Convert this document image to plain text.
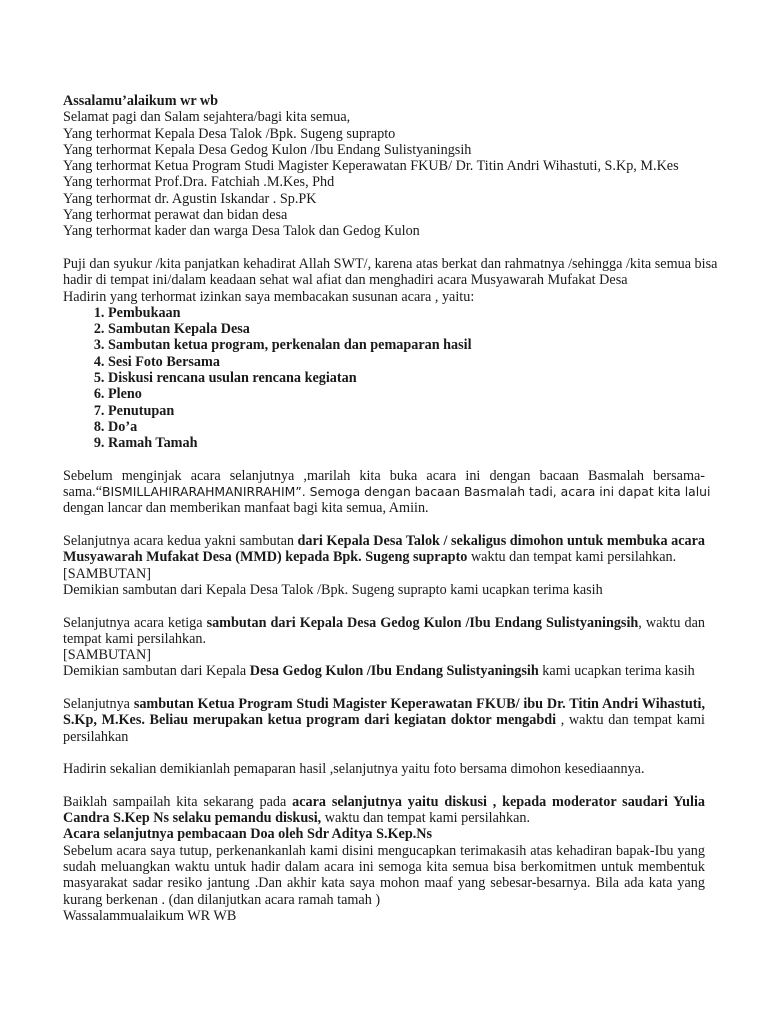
Assalamu’alaikum wr wb
Selamat pagi dan Salam sejahtera/bagi kita semua,
Yang terhormat Kepala Desa Talok /Bpk. Sugeng suprapto
Yang terhormat Kepala Desa Gedog Kulon /Ibu Endang Sulistyaningsih
Yang terhormat Ketua Program Studi Magister Keperawatan FKUB/ Dr. Titin Andri Wihastuti, S.Kp, M.Kes
Yang terhormat Prof.Dra. Fatchiah .M.Kes, Phd
Yang terhormat dr. Agustin Iskandar . Sp.PK
Yang terhormat perawat dan bidan desa
Yang terhormat kader dan warga Desa Talok dan Gedog Kulon
Puji dan syukur /kita panjatkan kehadirat Allah SWT/, karena atas berkat dan rahmatnya /sehingga /kita semua bisa
hadir di tempat ini/dalam keadaan sehat wal afiat dan menghadiri acara Musyawarah Mufakat Desa
Hadirin yang terhormat izinkan saya membacakan susunan acara , yaitu:
1. Pembukaan
2. Sambutan Kepala Desa
3. Sambutan ketua program, perkenalan dan pemaparan hasil
4. Sesi Foto Bersama
5. Diskusi rencana usulan rencana kegiatan
6. Pleno
7. Penutupan
8. Do’a
9. Ramah Tamah
Sebelum menginjak acara selanjutnya ,marilah kita buka acara ini dengan bacaan Basmalah bersama-
sama.“BISMILLAHIRARAHMANIRRAHIM”. Semoga dengan bacaan Basmalah tadi, acara ini dapat kita lalui
dengan lancar dan memberikan manfaat bagi kita semua, Amiin.
Selanjutnya acara kedua yakni sambutan dari Kepala Desa Talok / sekaligus dimohon untuk membuka acara
Musyawarah Mufakat Desa (MMD) kepada Bpk. Sugeng suprapto waktu dan tempat kami persilahkan.
[SAMBUTAN]
Demikian sambutan dari Kepala Desa Talok /Bpk. Sugeng suprapto kami ucapkan terima kasih
Selanjutnya acara ketiga sambutan dari Kepala Desa Gedog Kulon /Ibu Endang Sulistyaningsih, waktu dan
tempat kami persilahkan.
[SAMBUTAN]
Demikian sambutan dari Kepala Desa Gedog Kulon /Ibu Endang Sulistyaningsih kami ucapkan terima kasih
Selanjutnya sambutan Ketua Program Studi Magister Keperawatan FKUB/ ibu Dr. Titin Andri Wihastuti,
S.Kp, M.Kes. Beliau merupakan ketua program dari kegiatan doktor mengabdi , waktu dan tempat kami
persilahkan
Hadirin sekalian demikianlah pemaparan hasil ,selanjutnya yaitu foto bersama dimohon kesediaannya.
Baiklah sampailah kita sekarang pada acara selanjutnya yaitu diskusi , kepada moderator saudari Yulia
Candra S.Kep Ns selaku pemandu diskusi, waktu dan tempat kami persilahkan.
Acara selanjutnya pembacaan Doa oleh Sdr Aditya S.Kep.Ns
Sebelum acara saya tutup, perkenankanlah kami disini mengucapkan terimakasih atas kehadiran bapak-Ibu yang
sudah meluangkan waktu untuk hadir dalam acara ini semoga kita semua bisa berkomitmen untuk membentuk
masyarakat sadar resiko jantung .Dan akhir kata saya mohon maaf yang sebesar-besarnya. Bila ada kata yang
kurang berkenan . (dan dilanjutkan acara ramah tamah )
Wassalammualaikum WR WB
